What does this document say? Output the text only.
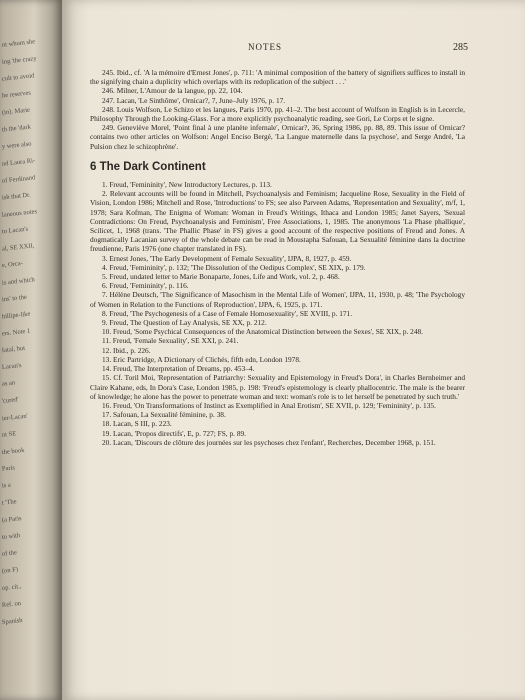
nt whom she
ing 'the crazy
cult to avoid
he reserves
(in). Marie
th the 'dark
y were also
nd Laura Ri-
of Ferdinand
ish that Dr.
laneous notes
to Lacan's
al, SE XXII,
e, Orca-
is and which
ins' to the
hillipe-like
ers. Note 1
fatal, but
Lacan's
as an
'cured'
ier-Lacan'
nt SE
the book
Paris
is a
t 'The
(a Paris
to with
of the
(on F)
op. cit.,
Ref. on
Spanish
NOTES	285

245. Ibid., cf. 'A la mémoire d'Ernest Jones', p. 711: 'A minimal composition of the battery of signifiers suffices to install in the signifying chain a duplicity which overlaps with its redoplication of the subject . . .'

246. Milner, L'Amour de la langue, pp. 22, 104.

247. Lacan, 'Le Sinthôme', Ornicar?, 7, June–July 1976, p. 17.

248. Louis Wolfson, Le Schizo et les langues, Paris 1970, pp. 41–2. The best account of Wolfson in English is in Lecercle, Philosophy Through the Looking-Glass. For a more explicitly psychoanalytic reading, see Gori, Le Corps et le signe.

249. Geneviève Morel, 'Point final à une planète infernale', Ornicar?, 36, Spring 1986, pp. 88, 89. This issue of Ornicar? contains two other articles on Wolfson: Angel Enciso Bergé, 'La Langue maternelle dans la psychose', and Serge André, 'La Pulsion chez le schizophrène'.

6 The Dark Continent

1. Freud, 'Femininity', New Introductory Lectures, p. 113.

2. Relevant accounts will be found in Mitchell, Psychoanalysis and Feminism; Jacqueline Rose, Sexuality in the Field of Vision, London 1986; Mitchell and Rose, 'Introductions' to FS; see also Parveen Adams, 'Representation and Sexuality', m/f, 1, 1978; Sara Kofman, The Enigma of Woman: Woman in Freud's Writings, Ithaca and London 1985; Janet Sayers, 'Sexual Contradictions: On Freud, Psychoanalysis and Feminism', Free Associations, 1, 1985. The anonymous 'La Phase phallique', Scilicet, 1, 1968 (trans. 'The Phallic Phase' in FS) gives a good account of the respective positions of Freud and Jones. A dogmatically Lacanian survey of the whole debate can be read in Moustapha Safouan, La Sexualité féminine dans la doctrine freudienne, Paris 1976 (one chapter translated in FS).

3. Ernest Jones, 'The Early Development of Female Sexuality', IJPA, 8, 1927, p. 459.

4. Freud, 'Femininity', p. 132; 'The Dissolution of the Oedipus Complex', SE XIX, p. 179.

5. Freud, undated letter to Marie Bonaparte, Jones, Life and Work, vol. 2, p. 468.

6. Freud, 'Femininity', p. 116.

7. Hélène Deutsch, 'The Significance of Masochism in the Mental Life of Women', IJPA, 11, 1930, p. 48; 'The Psychology of Women in Relation to the Functions of Reproduction', IJPA, 6, 1925, p. 171.

8. Freud, 'The Psychogenesis of a Case of Female Homosexuality', SE XVIII, p. 171.

9. Freud, The Question of Lay Analysis, SE XX, p. 212.

10. Freud, 'Some Psychical Consequences of the Anatomical Distinction between the Sexes', SE XIX, p. 248.

11. Freud, 'Female Sexuality', SE XXI, p. 241.

12. Ibid., p. 226.

13. Eric Partridge, A Dictionary of Clichés, fifth edn, London 1978.

14. Freud, The Interpretation of Dreams, pp. 453–4.

15. Cf. Toril Moi, 'Representation of Patriarchy: Sexuality and Epistemology in Freud's Dora', in Charles Bernheimer and Claire Kahane, eds, In Dora's Case, London 1985, p. 198: 'Freud's epistemology is clearly phallocentric. The male is the bearer of knowledge; he alone has the power to penetrate woman and text: woman's role is to let herself be penetrated by such truth.'

16. Freud, 'On Transformations of Instinct as Exemplified in Anal Erotism', SE XVII, p. 129; 'Femininity', p. 135.

17. Safouan, La Sexualité féminine, p. 38.

18. Lacan, S III, p. 223.

19. Lacan, 'Propos directifs', E, p. 727; FS, p. 89.

20. Lacan, 'Discours de clôture des journées sur les psychoses chez l'enfant', Recherches, December 1968, p. 151.
